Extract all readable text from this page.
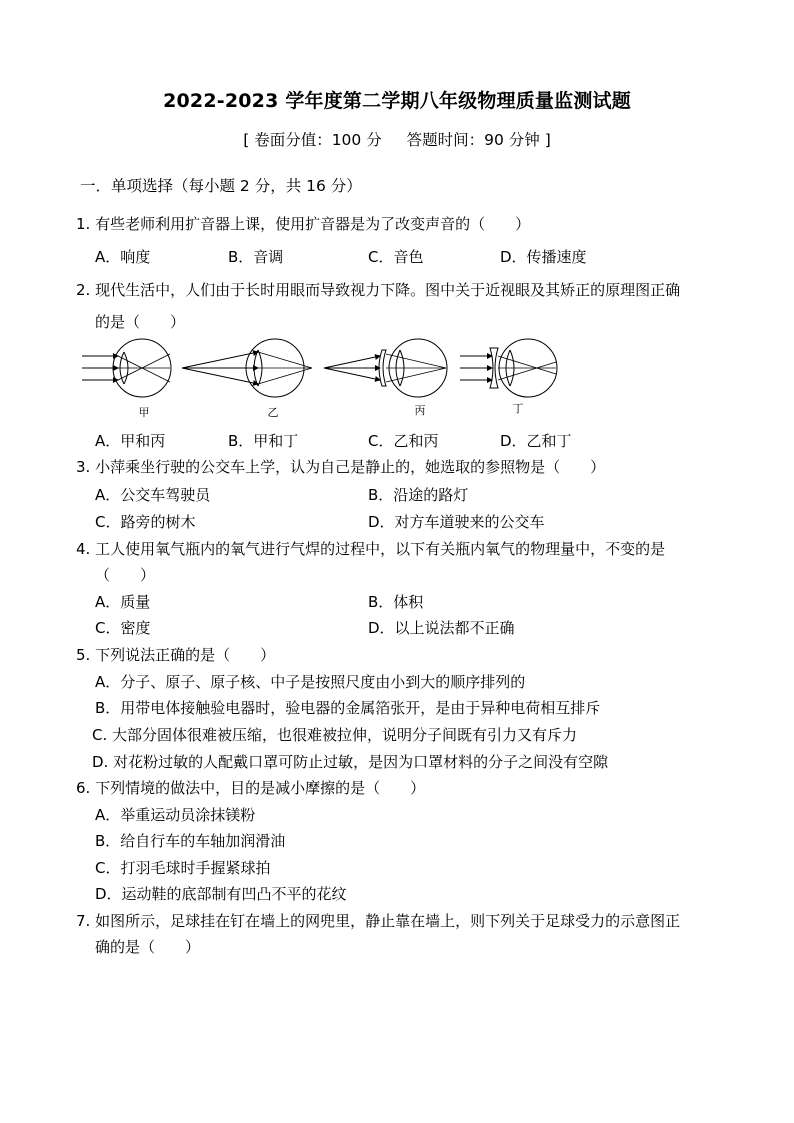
2022-2023 学年度第二学期八年级物理质量监测试题
[ 卷面分值：100 分 答题时间：90 分钟 ]
一．单项选择（每小题 2 分，共 16 分）
1. 有些老师利用扩音器上课，使用扩音器是为了改变声音的（　　）
A．响度	B．音调	C．音色	D．传播速度
2. 现代生活中，人们由于长时用眼而导致视力下降。图中关于近视眼及其矫正的原理图正确
的是（　　）
甲	乙	丙	丁
A．甲和丙	B．甲和丁	C．乙和丙	D．乙和丁
3. 小萍乘坐行驶的公交车上学，认为自己是静止的，她选取的参照物是（　　）
A．公交车驾驶员	B．沿途的路灯
C．路旁的树木	D．对方车道驶来的公交车
4. 工人使用氧气瓶内的氧气进行气焊的过程中，以下有关瓶内氧气的物理量中，不变的是
（　　）
A．质量	B．体积
C．密度	D．以上说法都不正确
5. 下列说法正确的是（　　）
A．分子、原子、原子核、中子是按照尺度由小到大的顺序排列的
B．用带电体接触验电器时，验电器的金属箔张开，是由于异种电荷相互排斥
C. 大部分固体很难被压缩，也很难被拉伸，说明分子间既有引力又有斥力
D. 对花粉过敏的人配戴口罩可防止过敏，是因为口罩材料的分子之间没有空隙
6. 下列情境的做法中，目的是减小摩擦的是（　　）
A．举重运动员涂抹镁粉
B．给自行车的车轴加润滑油
C．打羽毛球时手握紧球拍
D．运动鞋的底部制有凹凸不平的花纹
7. 如图所示，足球挂在钉在墙上的网兜里，静止靠在墙上，则下列关于足球受力的示意图正
确的是（　　）
